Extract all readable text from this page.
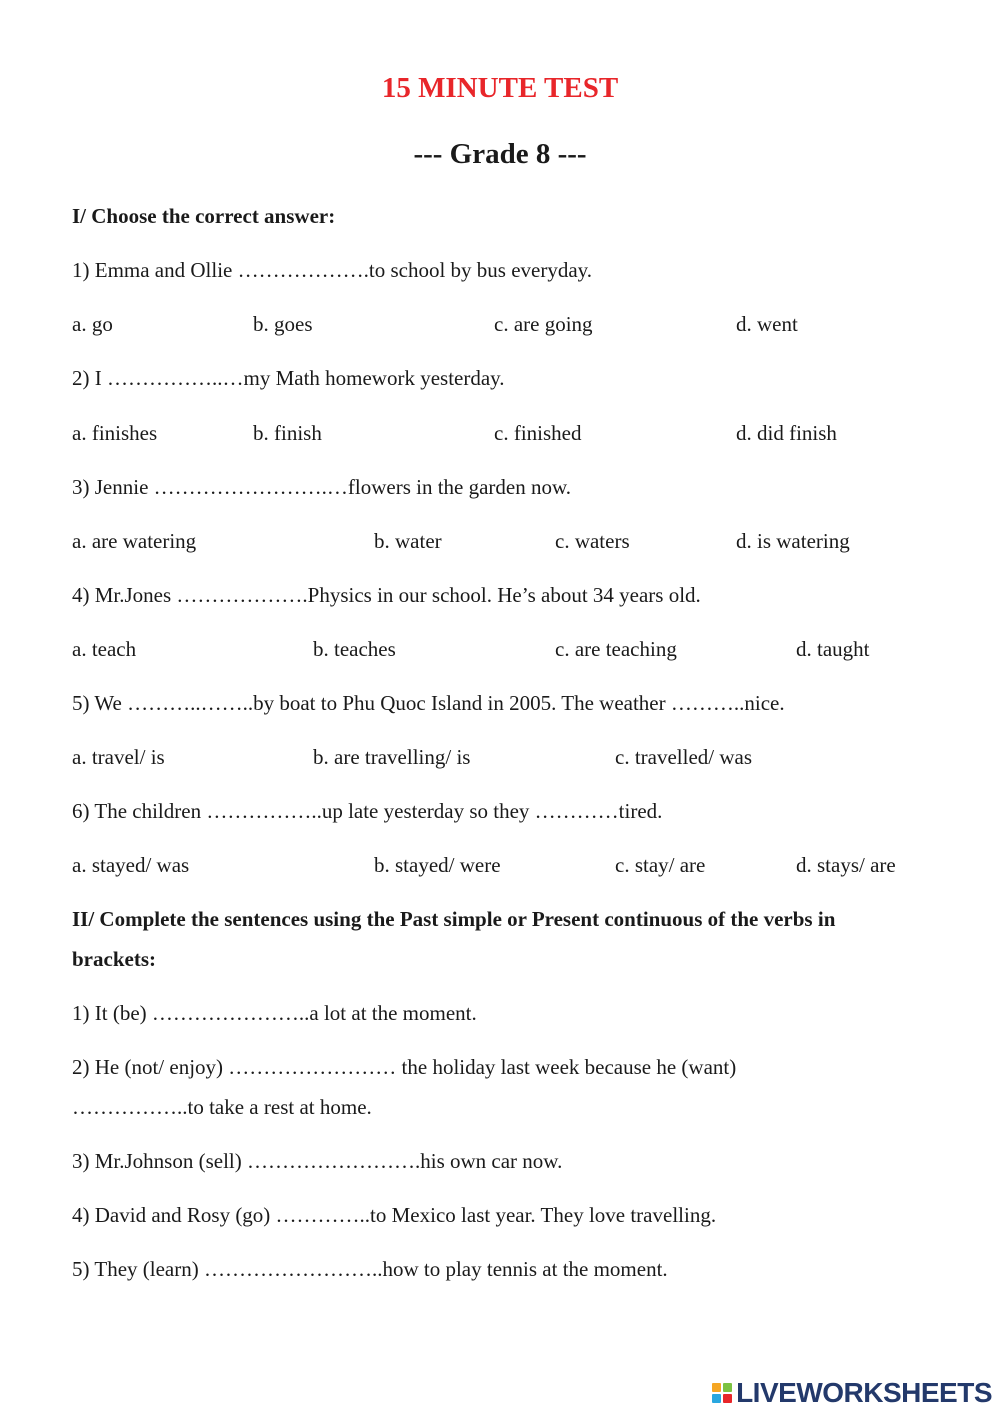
15 MINUTE TEST
--- Grade 8 ---
I/ Choose the correct answer:
1) Emma and Ollie ……………….to school by bus everyday.
a. go	b. goes	c. are going	d. went
2) I ……………..…my Math homework yesterday.
a. finishes	b. finish	c. finished	d. did finish
3) Jennie …………………….…flowers in the garden now.
a. are watering	b. water	c. waters	d. is watering
4) Mr.Jones ……………….Physics in our school. He’s about 34 years old.
a. teach	b. teaches	c. are teaching	d. taught
5) We ………..……..by boat to Phu Quoc Island in 2005. The weather ………..nice.
a. travel/ is	b. are travelling/ is	c. travelled/ was
6) The children ……………..up late yesterday so they …………tired.
a. stayed/ was	b. stayed/ were	c. stay/ are	d. stays/ are
II/ Complete the sentences using the Past simple or Present continuous of the verbs in
brackets:
1) It (be) …………………..a lot at the moment.
2) He (not/ enjoy) …………………… the holiday last week because he (want)
……………..to take a rest at home.
3) Mr.Johnson (sell) …………………….his own car now.
4) David and Rosy (go) …………..to Mexico last year. They love travelling.
5) They (learn) ……………………..how to play tennis at the moment.
LIVEWORKSHEETS
